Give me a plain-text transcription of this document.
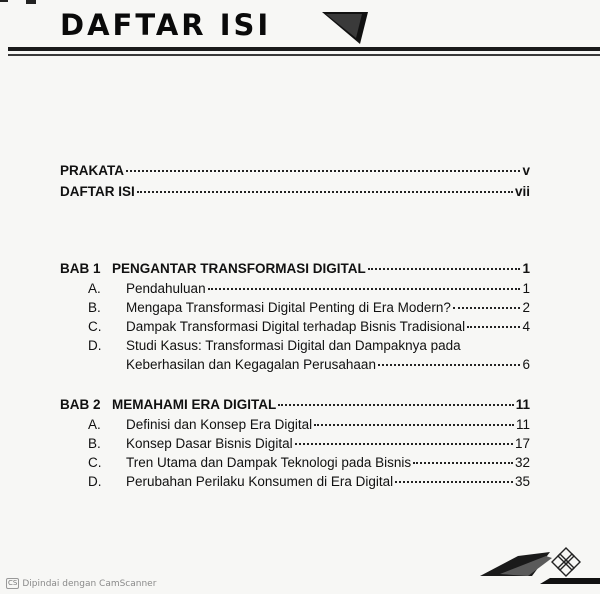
DAFTAR ISI
PRAKATA	v
DAFTAR ISI	vii
BAB 1 PENGANTAR TRANSFORMASI DIGITAL	1
A.	Pendahuluan	1
B.	Mengapa Transformasi Digital Penting di Era Modern?	2
C.	Dampak Transformasi Digital terhadap Bisnis Tradisional	4
D.	Studi Kasus: Transformasi Digital dan Dampaknya pada
Keberhasilan dan Kegagalan Perusahaan	6
BAB 2 MEMAHAMI ERA DIGITAL	11
A.	Definisi dan Konsep Era Digital	11
B.	Konsep Dasar Bisnis Digital	17
C.	Tren Utama dan Dampak Teknologi pada Bisnis	32
D.	Perubahan Perilaku Konsumen di Era Digital	35
CS Dipindai dengan CamScanner
